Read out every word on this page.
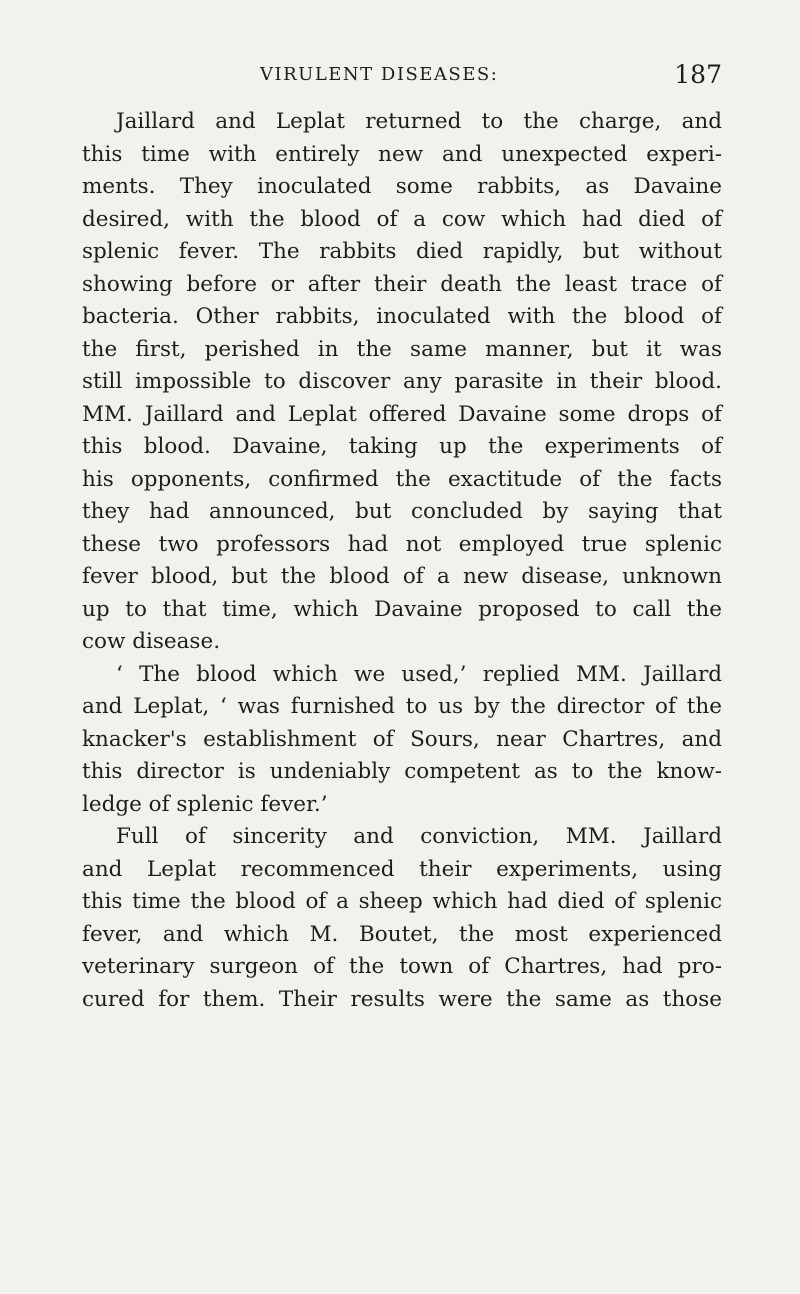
VIRULENT DISEASES:	187
Jaillard and Leplat returned to the charge, and
this time with entirely new and unexpected experi-
ments. They inoculated some rabbits, as Davaine
desired, with the blood of a cow which had died of
splenic fever. The rabbits died rapidly, but without
showing before or after their death the least trace of
bacteria. Other rabbits, inoculated with the blood of
the first, perished in the same manner, but it was
still impossible to discover any parasite in their blood.
MM. Jaillard and Leplat offered Davaine some drops of
this blood. Davaine, taking up the experiments of
his opponents, confirmed the exactitude of the facts
they had announced, but concluded by saying that
these two professors had not employed true splenic
fever blood, but the blood of a new disease, unknown
up to that time, which Davaine proposed to call the
cow disease.
‘ The blood which we used,’ replied MM. Jaillard
and Leplat, ‘ was furnished to us by the director of the
knacker's establishment of Sours, near Chartres, and
this director is undeniably competent as to the know-
ledge of splenic fever.’
Full of sincerity and conviction, MM. Jaillard
and Leplat recommenced their experiments, using
this time the blood of a sheep which had died of splenic
fever, and which M. Boutet, the most experienced
veterinary surgeon of the town of Chartres, had pro-
cured for them. Their results were the same as those
